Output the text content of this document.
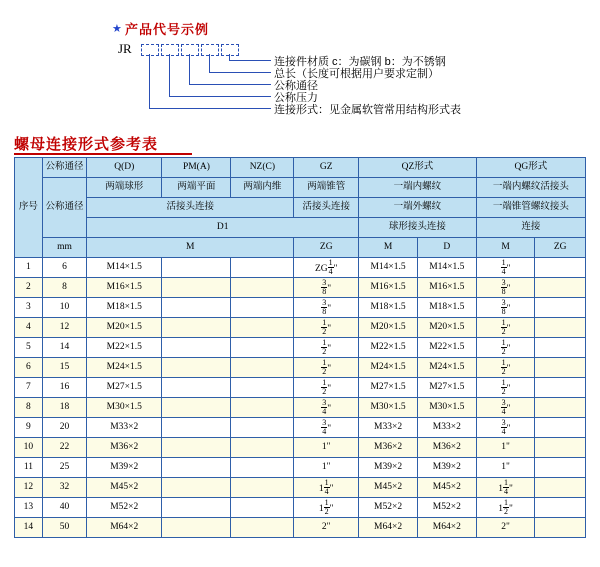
★ 产品代号示例
JR
连接件材质 c：为碳钢 b：为不锈钢
总长（长度可根据用户要求定制）
公称通径
公称压力
连接形式：见金属软管常用结构形式表
螺母连接形式参考表
序号	公称通径	Q(D)	PM(A)	NZ(C)	GZ	QZ形式		QG形式	
	公称通径	两端球形	两端平面	两端内维	两端锥管	一端内螺纹		一端内螺纹活接头	
		活接头连接			活接头连接	一端外螺纹		一端锥管螺纹接头	
		D1				球形接头连接		连接	
	mm	M			ZG	M	D	M	ZG
1	6	M14×1.5			ZG $\frac{1}{4}$ "	M14×1.5	M14×1.5	$\frac{1}{4}$ "	
2	8	M16×1.5			$\frac{3}{8}$ "	M16×1.5	M16×1.5	$\frac{3}{8}$ "	
3	10	M18×1.5			$\frac{3}{8}$ "	M18×1.5	M18×1.5	$\frac{3}{8}$ "	
4	12	M20×1.5			$\frac{1}{2}$ "	M20×1.5	M20×1.5	$\frac{1}{2}$ "	
5	14	M22×1.5			$\frac{1}{2}$ "	M22×1.5	M22×1.5	$\frac{1}{2}$ "	
6	15	M24×1.5			$\frac{1}{2}$ "	M24×1.5	M24×1.5	$\frac{1}{2}$ "	
7	16	M27×1.5			$\frac{1}{2}$ "	M27×1.5	M27×1.5	$\frac{1}{2}$ "	
8	18	M30×1.5			$\frac{3}{4}$ "	M30×1.5	M30×1.5	$\frac{3}{4}$ "	
9	20	M33×2			$\frac{3}{4}$ "	M33×2	M33×2	$\frac{3}{4}$ "	
10	22	M36×2			1"	M36×2	M36×2	1"	
11	25	M39×2			1"	M39×2	M39×2	1"	
12	32	M45×2			$1 \frac{1}{4}$ "	M45×2	M45×2	$1 \frac{1}{4}$ "	
13	40	M52×2			$1 \frac{1}{2}$ "	M52×2	M52×2	$1 \frac{1}{2}$ "	
14	50	M64×2			2"	M64×2	M64×2	2"	
